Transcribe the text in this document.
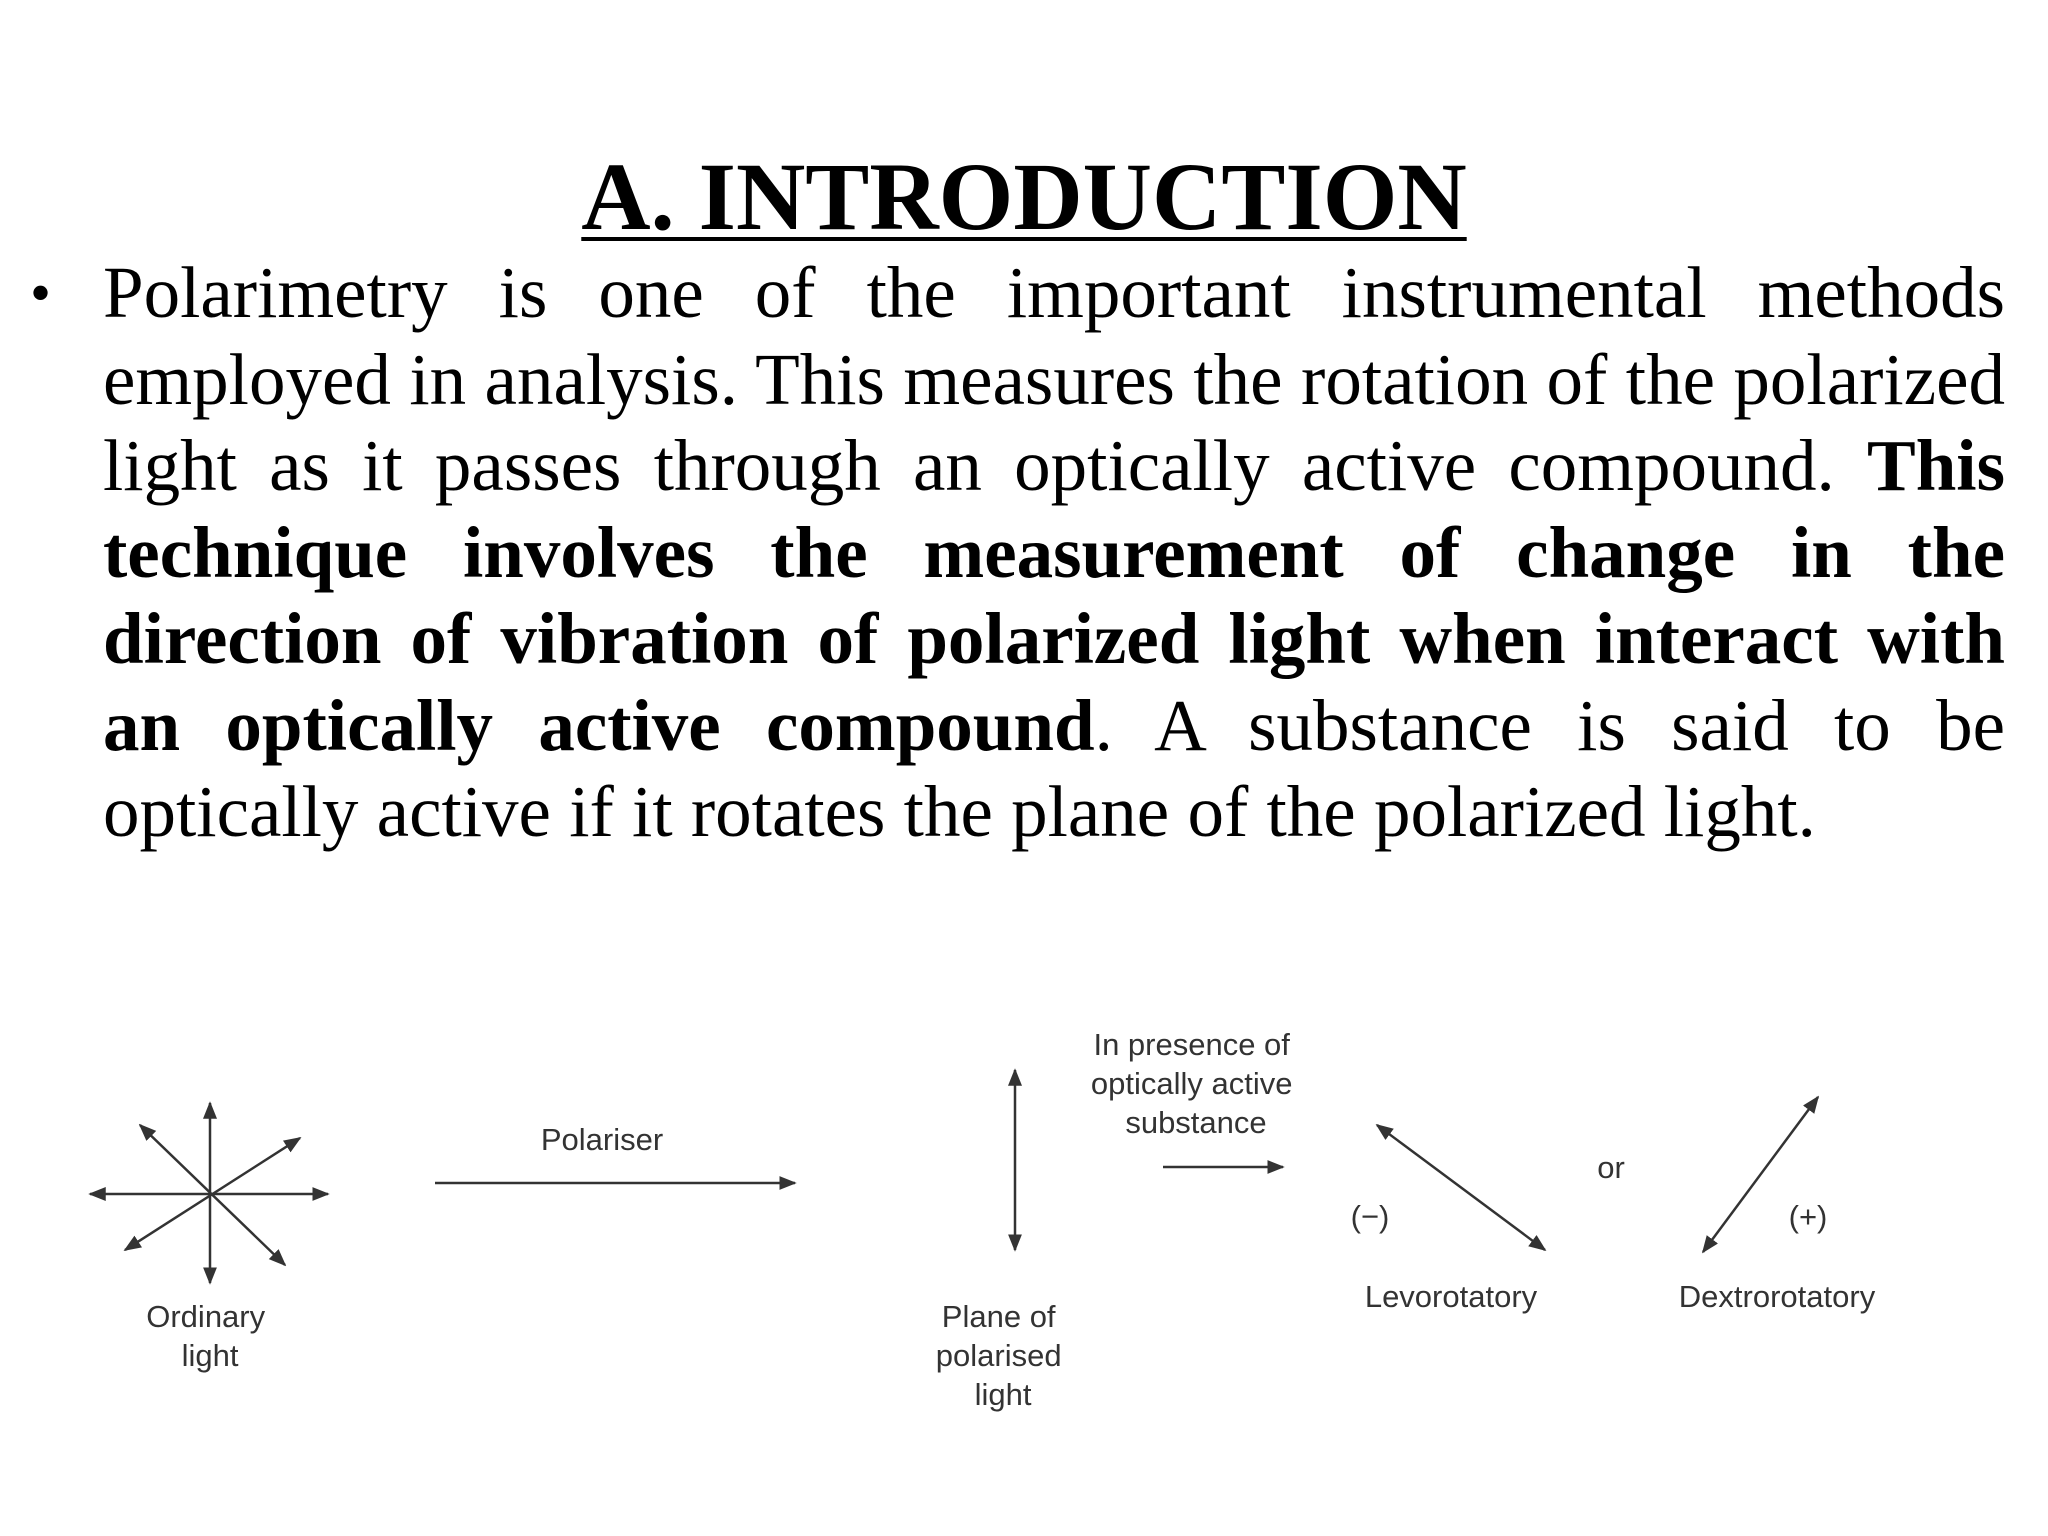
A. INTRODUCTION
• Polarimetry is one of the important instrumental methods employed in analysis. This measures the rotation of the polarized light as it passes through an optically active compound. This technique involves the measurement of change in the direction of vibration of polarized light when interact with an optically active compound. A substance is said to be optically active if it rotates the plane of the polarized light.

Ordinary light
Polariser
Plane of polarised light
In presence of optically active substance
(−)
Levorotatory
or
(+)
Dextrorotatory
